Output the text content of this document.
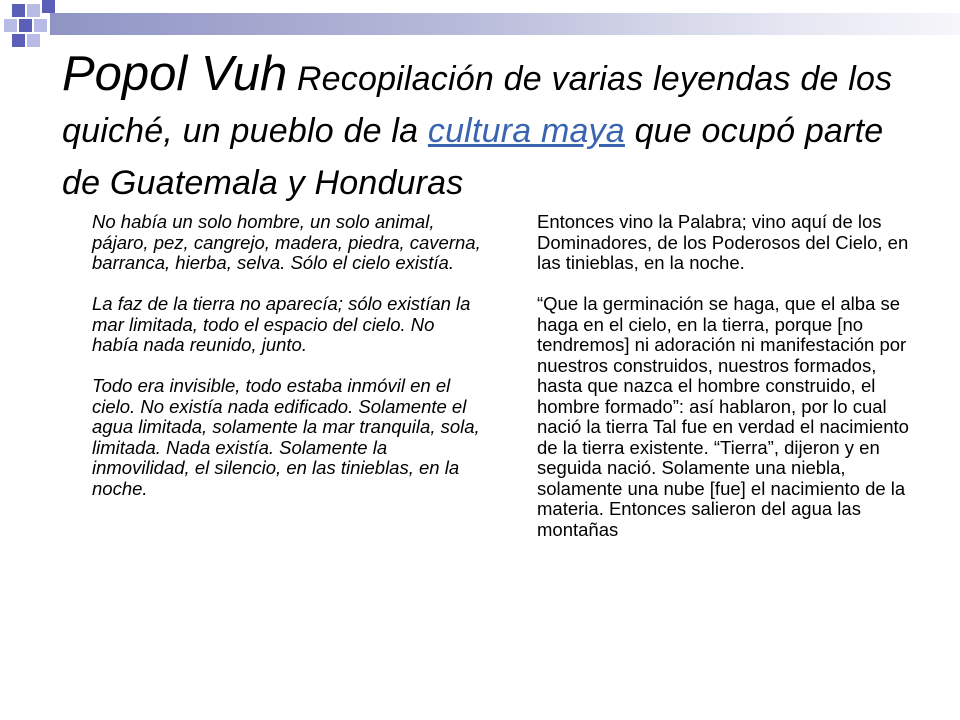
Popol Vuh Recopilación de varias leyendas de los quiché, un pueblo de la cultura maya que ocupó parte de Guatemala y Honduras

No había un solo hombre, un solo animal, pájaro, pez, cangrejo, madera, piedra, caverna, barranca, hierba, selva. Sólo el cielo existía.

La faz de la tierra no aparecía; sólo existían la mar limitada, todo el espacio del cielo. No había nada reunido, junto.

Todo era invisible, todo estaba inmóvil en el cielo. No existía nada edificado. Solamente el agua limitada, solamente la mar tranquila, sola, limitada. Nada existía. Solamente la inmovilidad, el silencio, en las tinieblas, en la noche.

Entonces vino la Palabra; vino aquí de los Dominadores, de los Poderosos del Cielo, en las tinieblas, en la noche.

“Que la germinación se haga, que el alba se haga en el cielo, en la tierra, porque [no tendremos] ni adoración ni manifestación por nuestros construidos, nuestros formados, hasta que nazca el hombre construido, el hombre formado”: así hablaron, por lo cual nació la tierra Tal fue en verdad el nacimiento de la tierra existente. “Tierra”, dijeron y en seguida nació. Solamente una niebla, solamente una nube [fue] el nacimiento de la materia. Entonces salieron del agua las montañas
